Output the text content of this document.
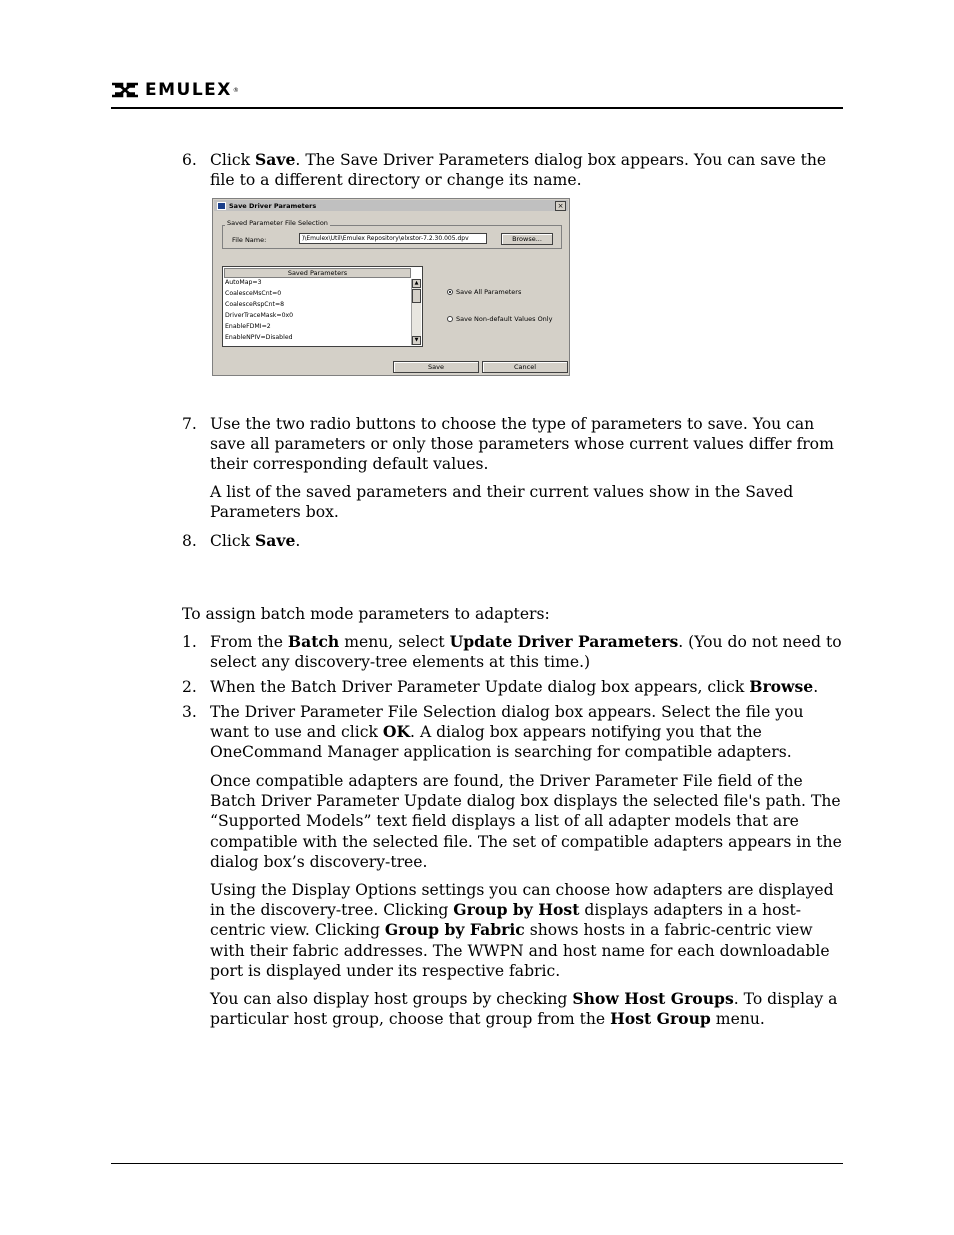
EMULEX ®
6. Click Save. The Save Driver Parameters dialog box appears. You can save the file to a different directory or change its name.
Save Driver Parameters	×
Saved Parameter File Selection
File Name:	)\Emulex\Util\Emulex Repository\elxstor-7.2.30.005.dpv	Browse...
Saved Parameters
AutoMap=3
CoalesceMsCnt=0
CoalesceRspCnt=8
DriverTraceMask=0x0
EnableFDMI=2
EnableNPIV=Disabled
▲
▼
Save All Parameters
Save Non-default Values Only
Save	Cancel
7. Use the two radio buttons to choose the type of parameters to save. You can save all parameters or only those parameters whose current values differ from their corresponding default values.
A list of the saved parameters and their current values show in the Saved Parameters box.
8. Click Save.
To assign batch mode parameters to adapters:
1. From the Batch menu, select Update Driver Parameters. (You do not need to select any discovery-tree elements at this time.)
2. When the Batch Driver Parameter Update dialog box appears, click Browse.
3. The Driver Parameter File Selection dialog box appears. Select the file you want to use and click OK. A dialog box appears notifying you that the OneCommand Manager application is searching for compatible adapters.
Once compatible adapters are found, the Driver Parameter File field of the Batch Driver Parameter Update dialog box displays the selected file's path. The “Supported Models” text field displays a list of all adapter models that are compatible with the selected file. The set of compatible adapters appears in the dialog box’s discovery-tree.
Using the Display Options settings you can choose how adapters are displayed in the discovery-tree. Clicking Group by Host displays adapters in a host-centric view. Clicking Group by Fabric shows hosts in a fabric-centric view with their fabric addresses. The WWPN and host name for each downloadable port is displayed under its respective fabric.
You can also display host groups by checking Show Host Groups. To display a particular host group, choose that group from the Host Group menu.
